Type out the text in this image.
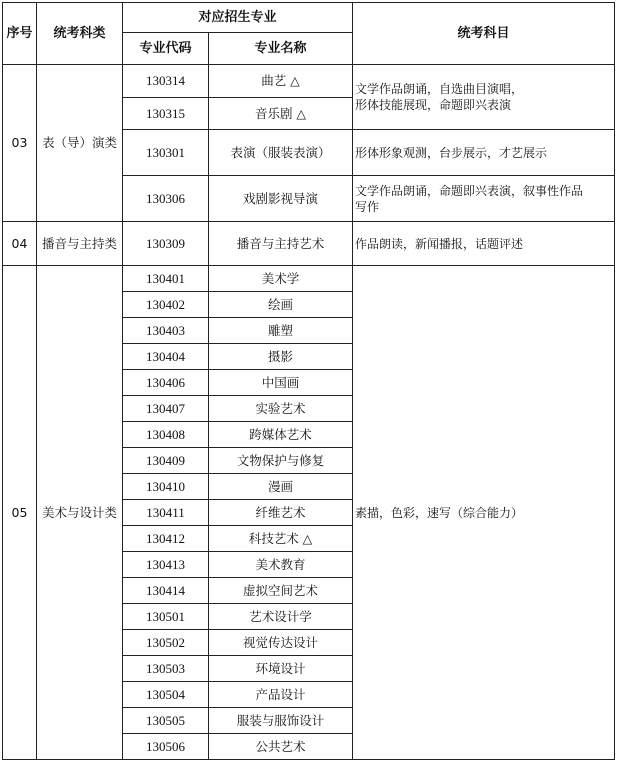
序号	统考科类	对应招生专业		统考科目
		专业代码	专业名称	
03	表（导）演类	130314	曲艺 △	文学作品朗诵，自选曲目演唱，
形体技能展现，命题即兴表演
		130315	音乐剧 △	
		130301	表演（服装表演）	形体形象观测，台步展示，才艺展示
		130306	戏剧影视导演	文学作品朗诵，命题即兴表演，叙事性作品
写作
04	播音与主持类	130309	播音与主持艺术	作品朗读，新闻播报，话题评述
05	美术与设计类	130401	美术学	素描，色彩，速写（综合能力）
		130402	绘画	
		130403	雕塑	
		130404	摄影	
		130406	中国画	
		130407	实验艺术	
		130408	跨媒体艺术	
		130409	文物保护与修复	
		130410	漫画	
		130411	纤维艺术	
		130412	科技艺术 △	
		130413	美术教育	
		130414	虚拟空间艺术	
		130501	艺术设计学	
		130502	视觉传达设计	
		130503	环境设计	
		130504	产品设计	
		130505	服装与服饰设计	
		130506	公共艺术	
